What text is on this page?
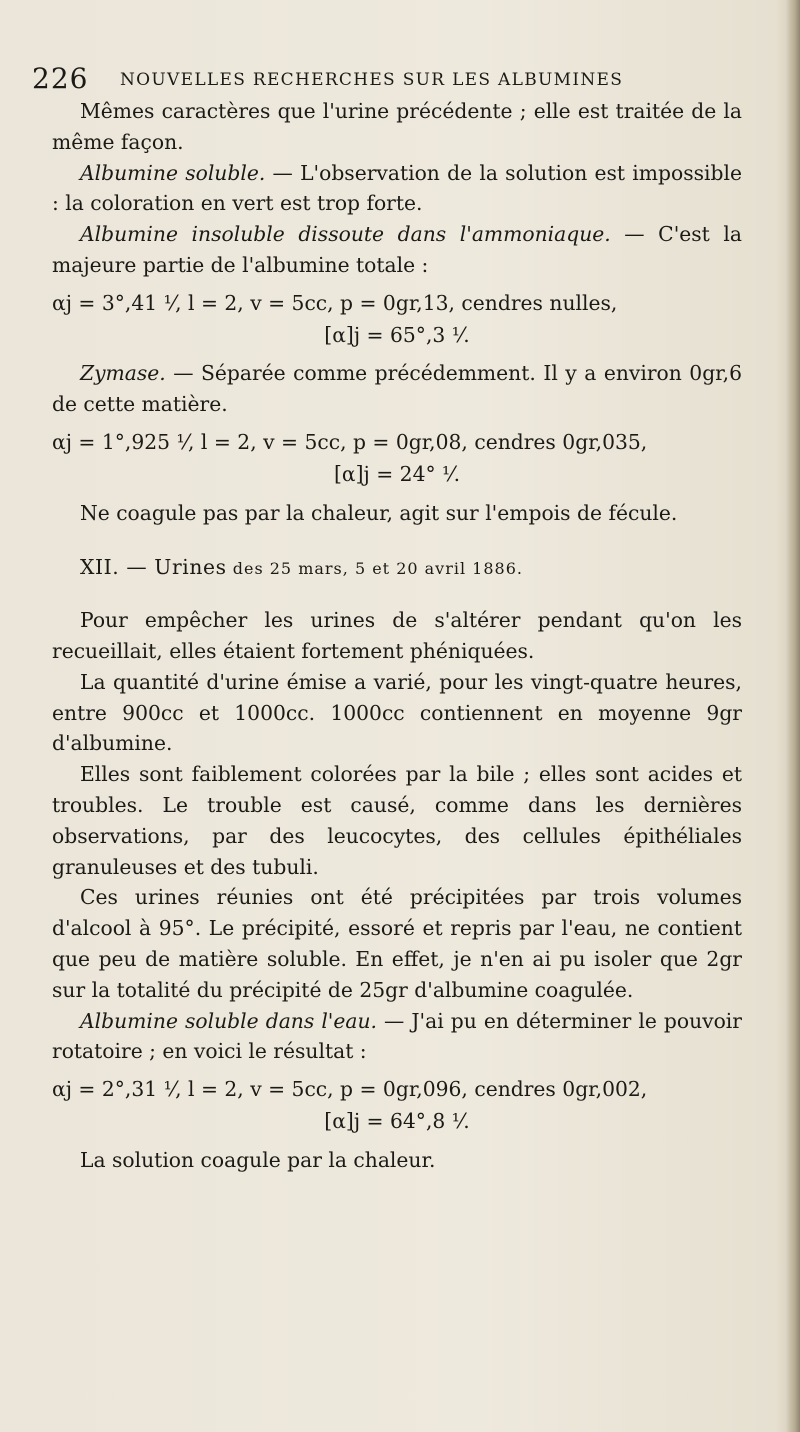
226 NOUVELLES RECHERCHES SUR LES ALBUMINES

Mêmes caractères que l'urine précédente ; elle est traitée de la même façon.

Albumine soluble. — L'observation de la solution est impossible : la coloration en vert est trop forte.

Albumine insoluble dissoute dans l'ammoniaque. — C'est la majeure partie de l'albumine totale :

αj = 3°,41 ⅟, l = 2, v = 5cc, p = 0gr,13, cendres nulles,

[α]j = 65°,3 ⅟.

Zymase. — Séparée comme précédemment. Il y a environ 0gr,6 de cette matière.

αj = 1°,925 ⅟, l = 2, v = 5cc, p = 0gr,08, cendres 0gr,035,

[α]j = 24° ⅟.

Ne coagule pas par la chaleur, agit sur l'empois de fécule.

XII. — Urines des 25 mars, 5 et 20 avril 1886.

Pour empêcher les urines de s'altérer pendant qu'on les recueillait, elles étaient fortement phéniquées.

La quantité d'urine émise a varié, pour les vingt-quatre heures, entre 900cc et 1000cc. 1000cc contiennent en moyenne 9gr d'albumine.

Elles sont faiblement colorées par la bile ; elles sont acides et troubles. Le trouble est causé, comme dans les dernières observations, par des leucocytes, des cellules épithéliales granuleuses et des tubuli.

Ces urines réunies ont été précipitées par trois volumes d'alcool à 95°. Le précipité, essoré et repris par l'eau, ne contient que peu de matière soluble. En effet, je n'en ai pu isoler que 2gr sur la totalité du précipité de 25gr d'albumine coagulée.

Albumine soluble dans l'eau. — J'ai pu en déterminer le pouvoir rotatoire ; en voici le résultat :

αj = 2°,31 ⅟, l = 2, v = 5cc, p = 0gr,096, cendres 0gr,002,

[α]j = 64°,8 ⅟.

La solution coagule par la chaleur.
